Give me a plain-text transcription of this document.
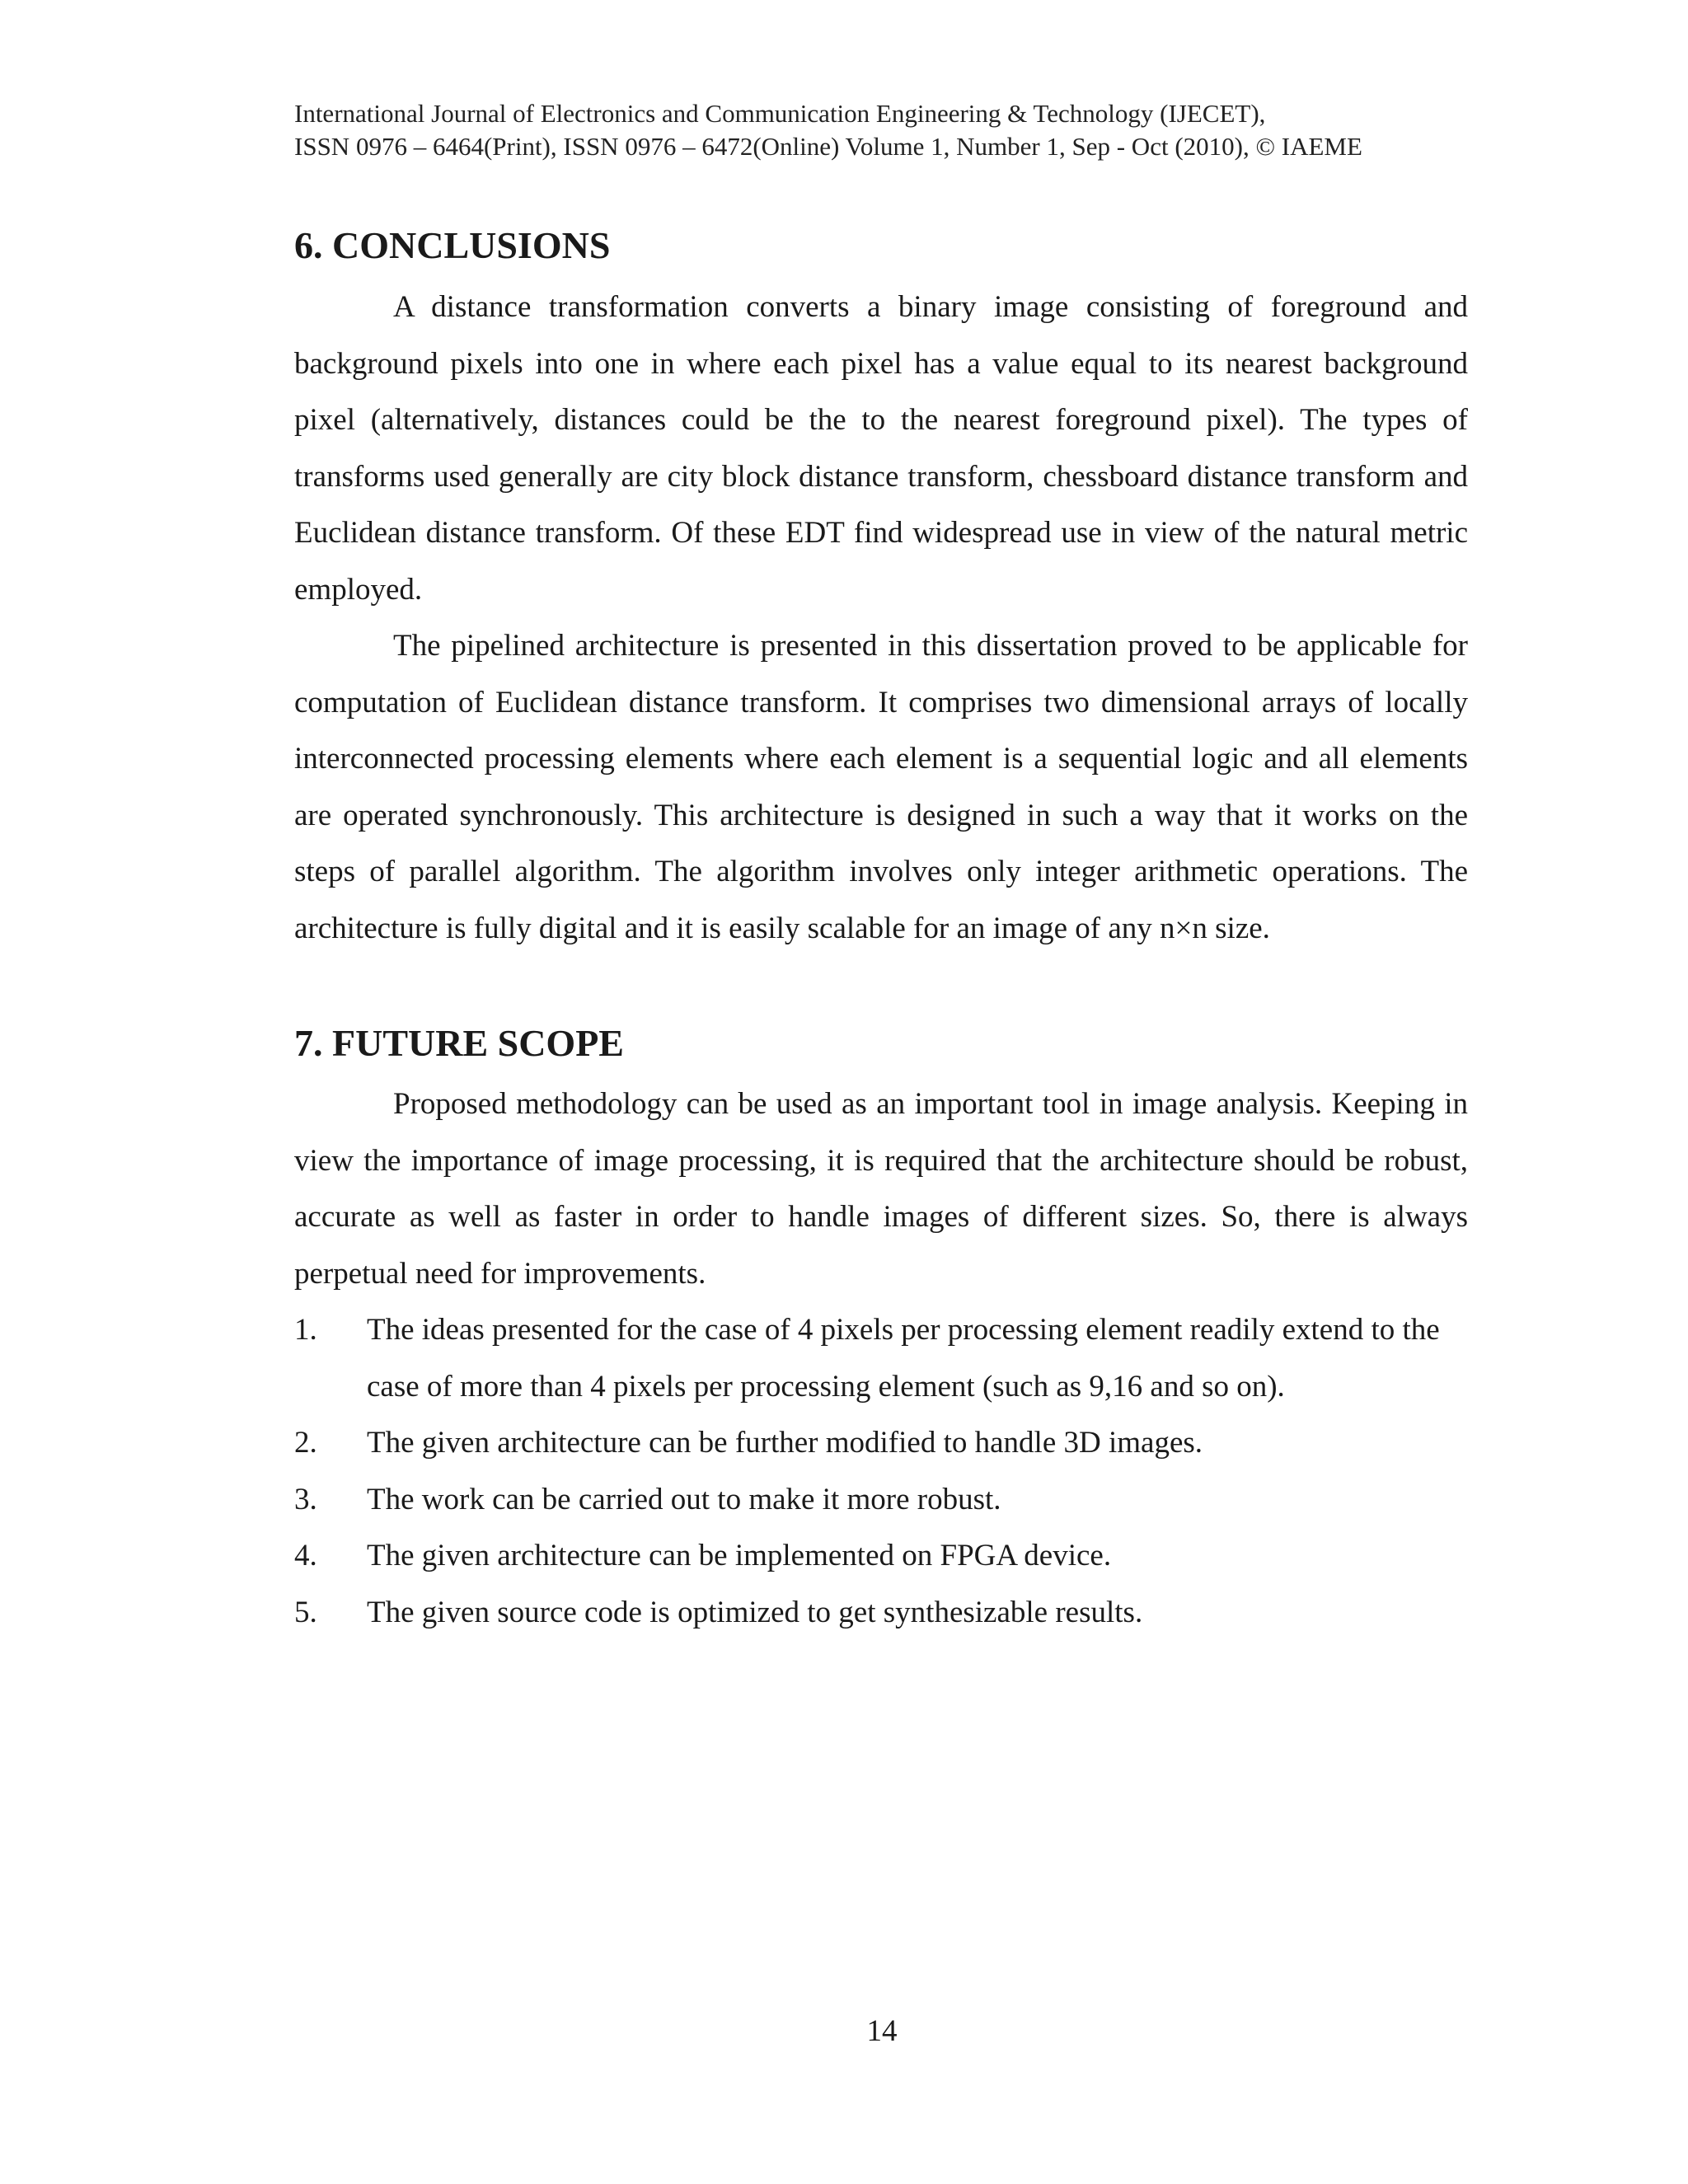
International Journal of Electronics and Communication Engineering & Technology (IJECET),
ISSN 0976 – 6464(Print), ISSN 0976 – 6472(Online) Volume 1, Number 1, Sep - Oct (2010), © IAEME
6. CONCLUSIONS
A distance transformation converts a binary image consisting of foreground and background pixels into one in where each pixel has a value equal to its nearest background pixel (alternatively, distances could be the to the nearest foreground pixel). The types of transforms used generally are city block distance transform, chessboard distance transform and Euclidean distance transform. Of these EDT find widespread use in view of the natural metric employed.
The pipelined architecture is presented in this dissertation proved to be applicable for computation of Euclidean distance transform. It comprises two dimensional arrays of locally interconnected processing elements where each element is a sequential logic and all elements are operated synchronously. This architecture is designed in such a way that it works on the steps of parallel algorithm. The algorithm involves only integer arithmetic operations. The architecture is fully digital and it is easily scalable for an image of any n×n size.
7. FUTURE SCOPE
Proposed methodology can be used as an important tool in image analysis. Keeping in view the importance of image processing, it is required that the architecture should be robust, accurate as well as faster in order to handle images of different sizes. So, there is always perpetual need for improvements.
1. The ideas presented for the case of 4 pixels per processing element readily extend to the case of more than 4 pixels per processing element (such as 9,16 and so on).
2. The given architecture can be further modified to handle 3D images.
3. The work can be carried out to make it more robust.
4. The given architecture can be implemented on FPGA device.
5. The given source code is optimized to get synthesizable results.
14
